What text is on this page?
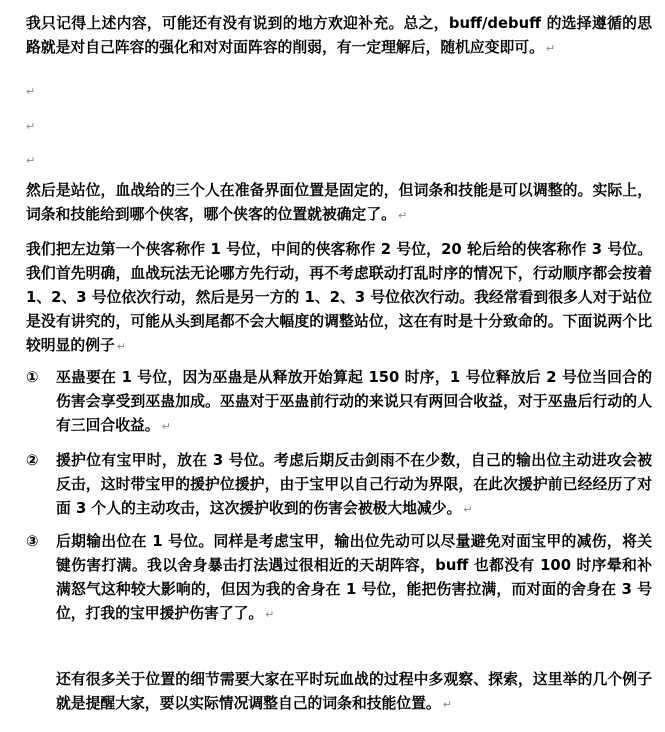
我只记得上述内容，可能还有没有说到的地方欢迎补充。总之，buff/debuff 的选择遵循的思路就是对自己阵容的强化和对对面阵容的削弱，有一定理解后，随机应变即可。 ↵

↵
↵
↵

然后是站位，血战给的三个人在准备界面位置是固定的，但词条和技能是可以调整的。实际上，词条和技能给到哪个侠客，哪个侠客的位置就被确定了。 ↵

我们把左边第一个侠客称作 1 号位，中间的侠客称作 2 号位，20 轮后给的侠客称作 3 号位。我们首先明确，血战玩法无论哪方先行动，再不考虑联动打乱时序的情况下，行动顺序都会按着 1、2、3 号位依次行动，然后是另一方的 1、2、3 号位依次行动。我经常看到很多人对于站位是没有讲究的，可能从头到尾都不会大幅度的调整站位，这在有时是十分致命的。下面说两个比较明显的例子 ↵

①	巫蛊要在 1 号位，因为巫蛊是从释放开始算起 150 时序，1 号位释放后 2 号位当回合的伤害会享受到巫蛊加成。巫蛊对于巫蛊前行动的来说只有两回合收益，对于巫蛊后行动的人有三回合收益。 ↵

②	援护位有宝甲时，放在 3 号位。考虑后期反击剑雨不在少数，自己的输出位主动进攻会被反击，这时带宝甲的援护位援护，由于宝甲以自己行动为界限，在此次援护前已经经历了对面 3 个人的主动攻击，这次援护收到的伤害会被极大地减少。 ↵

③	后期输出位在 1 号位。同样是考虑宝甲，输出位先动可以尽量避免对面宝甲的减伤，将关键伤害打满。我以舍身暴击打法遇过很相近的天胡阵容，buff 也都没有 100 时序晕和补满怒气这种较大影响的，但因为我的舍身在 1 号位，能把伤害拉满，而对面的舍身在 3 号位，打我的宝甲援护伤害了了。 ↵

还有很多关于位置的细节需要大家在平时玩血战的过程中多观察、探索，这里举的几个例子就是提醒大家，要以实际情况调整自己的词条和技能位置。 ↵
